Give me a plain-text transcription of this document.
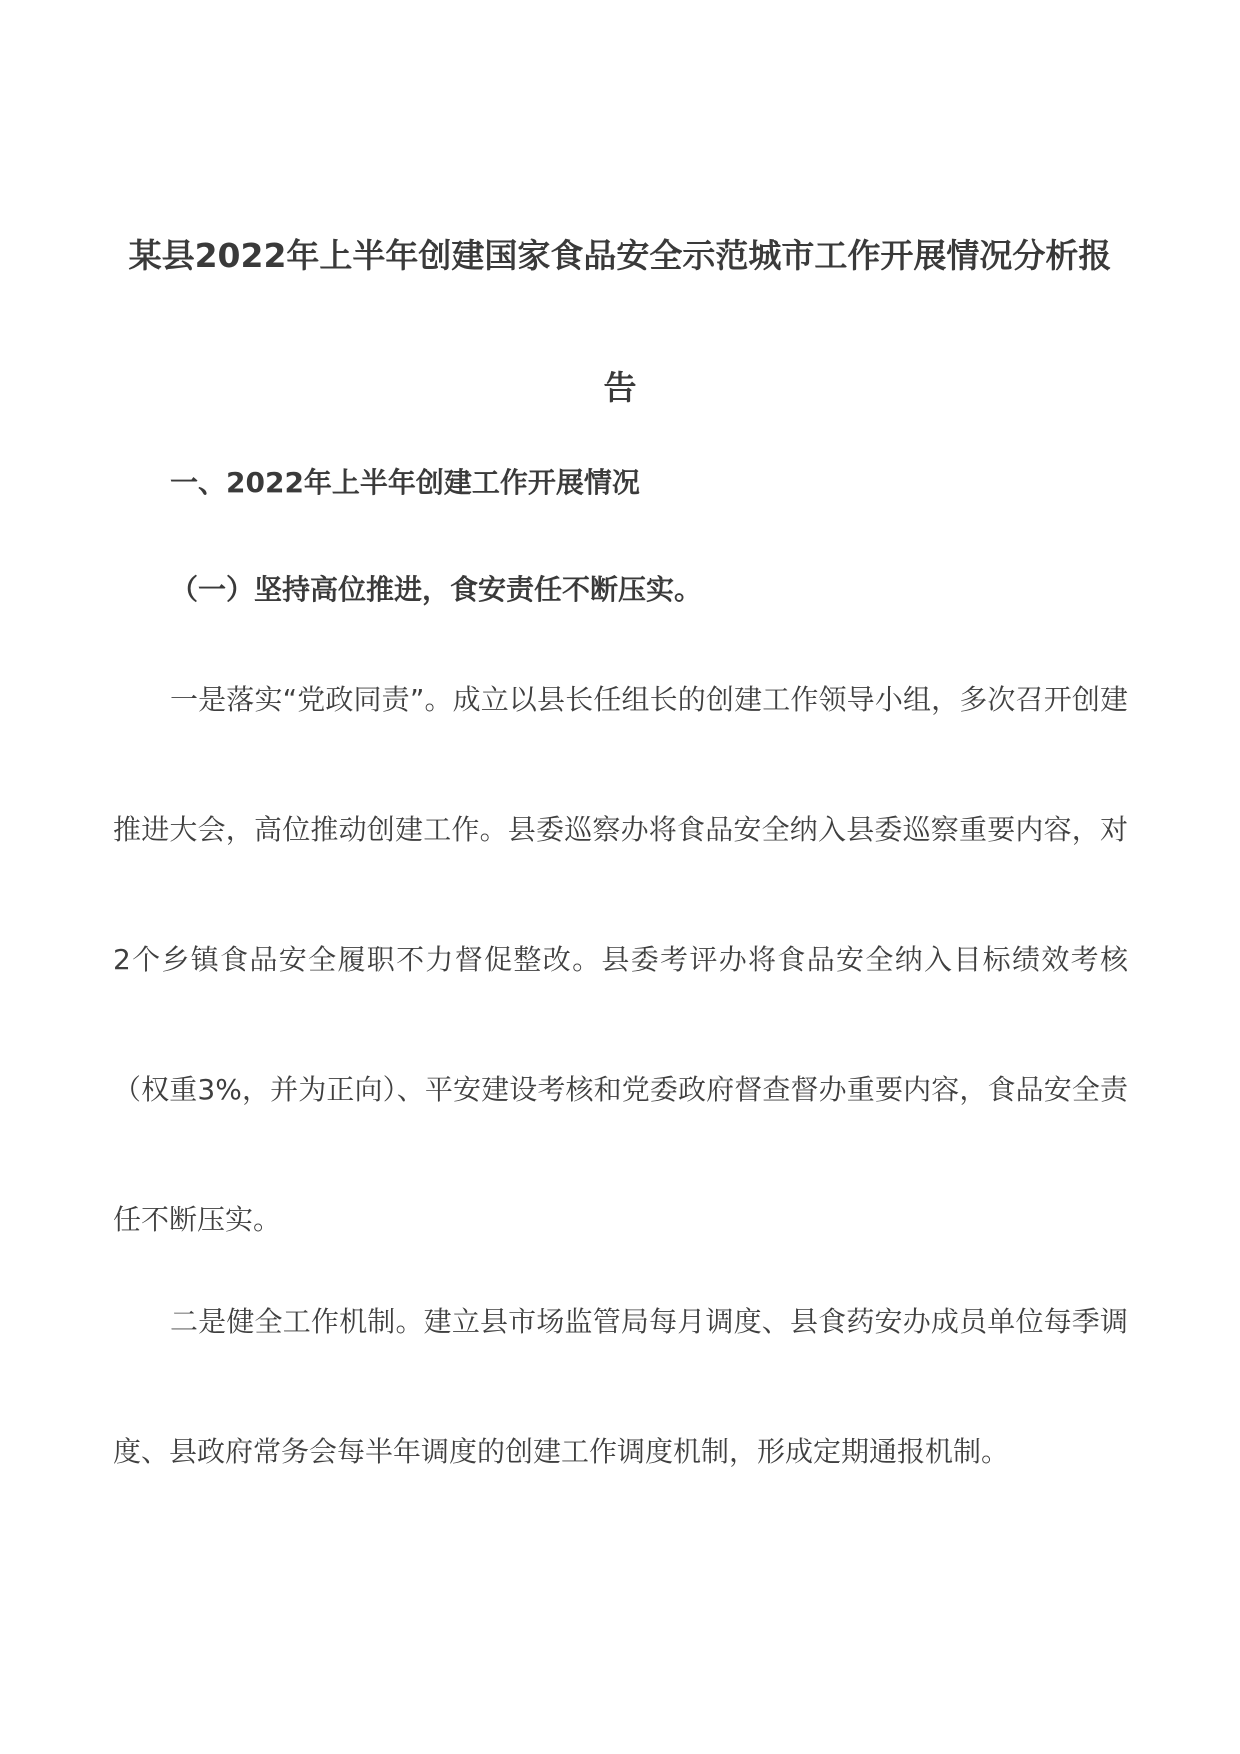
某县2022年上半年创建国家食品安全示范城市工作开展情况分析报告
一、2022年上半年创建工作开展情况
（一）坚持高位推进，食安责任不断压实。

一是落实“党政同责”。成立以县长任组长的创建工作领导小组，多次召开创建推进大会，高位推动创建工作。县委巡察办将食品安全纳入县委巡察重要内容，对2个乡镇食品安全履职不力督促整改。县委考评办将食品安全纳入目标绩效考核（权重3%，并为正向）、平安建设考核和党委政府督查督办重要内容，食品安全责任不断压实。

二是健全工作机制。建立县市场监管局每月调度、县食药安办成员单位每季调度、县政府常务会每半年调度的创建工作调度机制，形成定期通报机制。
